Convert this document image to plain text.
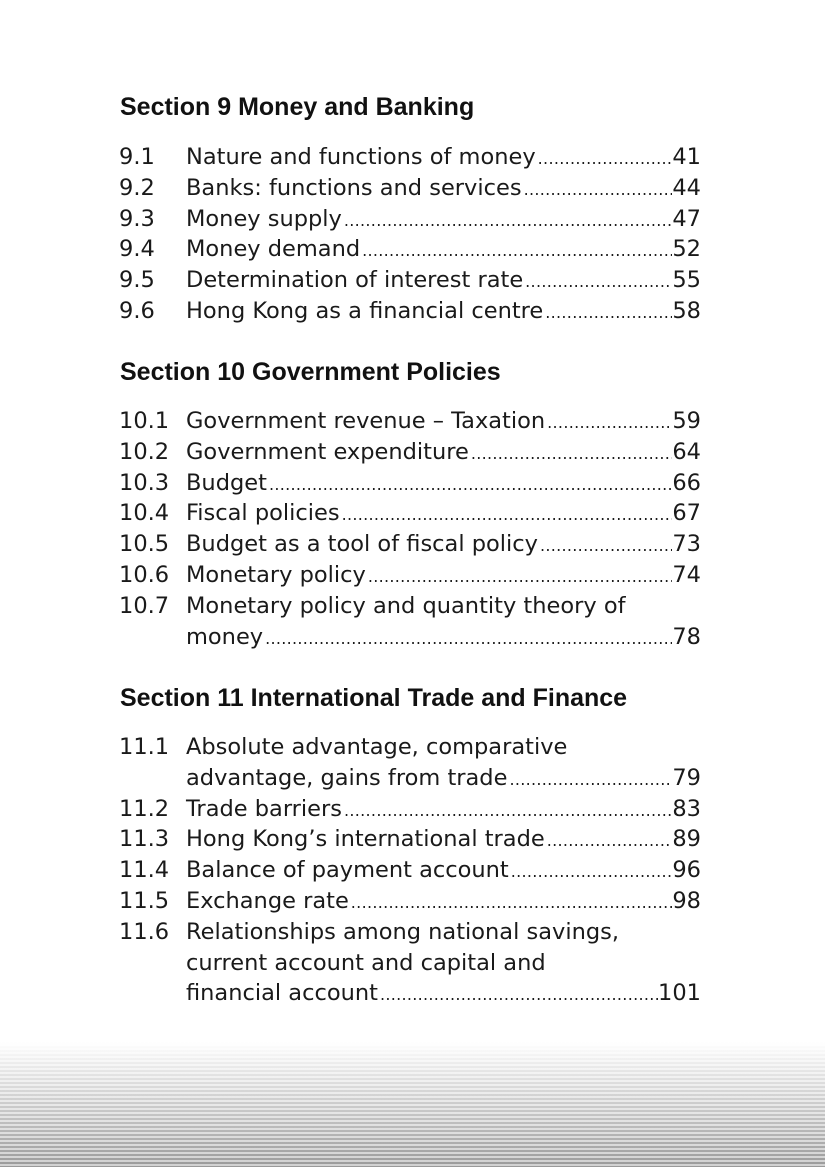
Section 9 Money and Banking
9.1	Nature and functions of money .....	41
9.2	Banks: functions and services .....	44
9.3	Money supply .....	47
9.4	Money demand .....	52
9.5	Determination of interest rate .....	55
9.6	Hong Kong as a financial centre .....	58
Section 10 Government Policies
10.1 Government revenue – Taxation .....	59
10.2 Government expenditure .....	64
10.3 Budget .....	66
10.4 Fiscal policies .....	67
10.5 Budget as a tool of fiscal policy .....	73
10.6 Monetary policy .....	74
10.7 Monetary policy and quantity theory of
money .....	78
Section 11 International Trade and Finance
11.1 Absolute advantage, comparative
advantage, gains from trade .....	79
11.2 Trade barriers .....	83
11.3 Hong Kong’s international trade .....	89
11.4 Balance of payment account .....	96
11.5 Exchange rate .....	98
11.6 Relationships among national savings,
current account and capital and
financial account .....	101
